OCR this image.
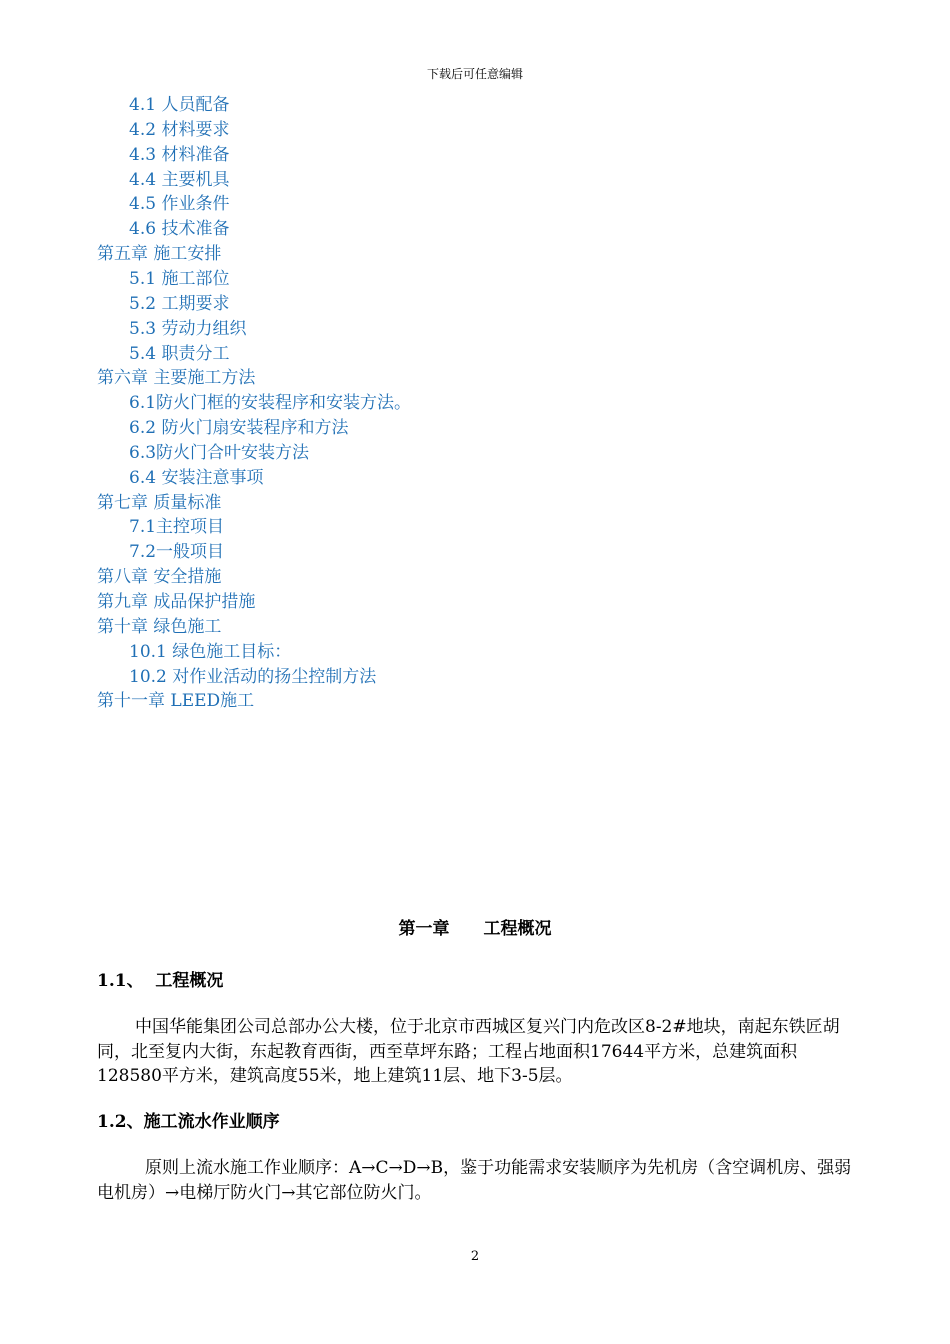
下载后可任意编辑
4.1 人员配备
4.2 材料要求
4.3 材料准备
4.4 主要机具
4.5 作业条件
4.6 技术准备
第五章 施工安排
5.1 施工部位
5.2 工期要求
5.3 劳动力组织
5.4 职责分工
第六章 主要施工方法
6.1防火门框的安装程序和安装方法。
6.2 防火门扇安装程序和方法
6.3防火门合叶安装方法
6.4 安装注意事项
第七章 质量标准
7.1主控项目
7.2一般项目
第八章 安全措施
第九章 成品保护措施
第十章 绿色施工
10.1 绿色施工目标：
10.2 对作业活动的扬尘控制方法
第十一章 LEED施工
第一章　　工程概况
1.1、  工程概况
中国华能集团公司总部办公大楼，位于北京市西城区复兴门内危改区8-2#地块，南起东铁匠胡同，北至复内大街，东起教育西街，西至草坪东路；工程占地面积17644平方米，总建筑面积128580平方米，建筑高度55米，地上建筑11层、地下3-5层。
1.2、施工流水作业顺序
原则上流水施工作业顺序：A→C→D→B，鉴于功能需求安装顺序为先机房（含空调机房、强弱电机房）→电梯厅防火门→其它部位防火门。
2
